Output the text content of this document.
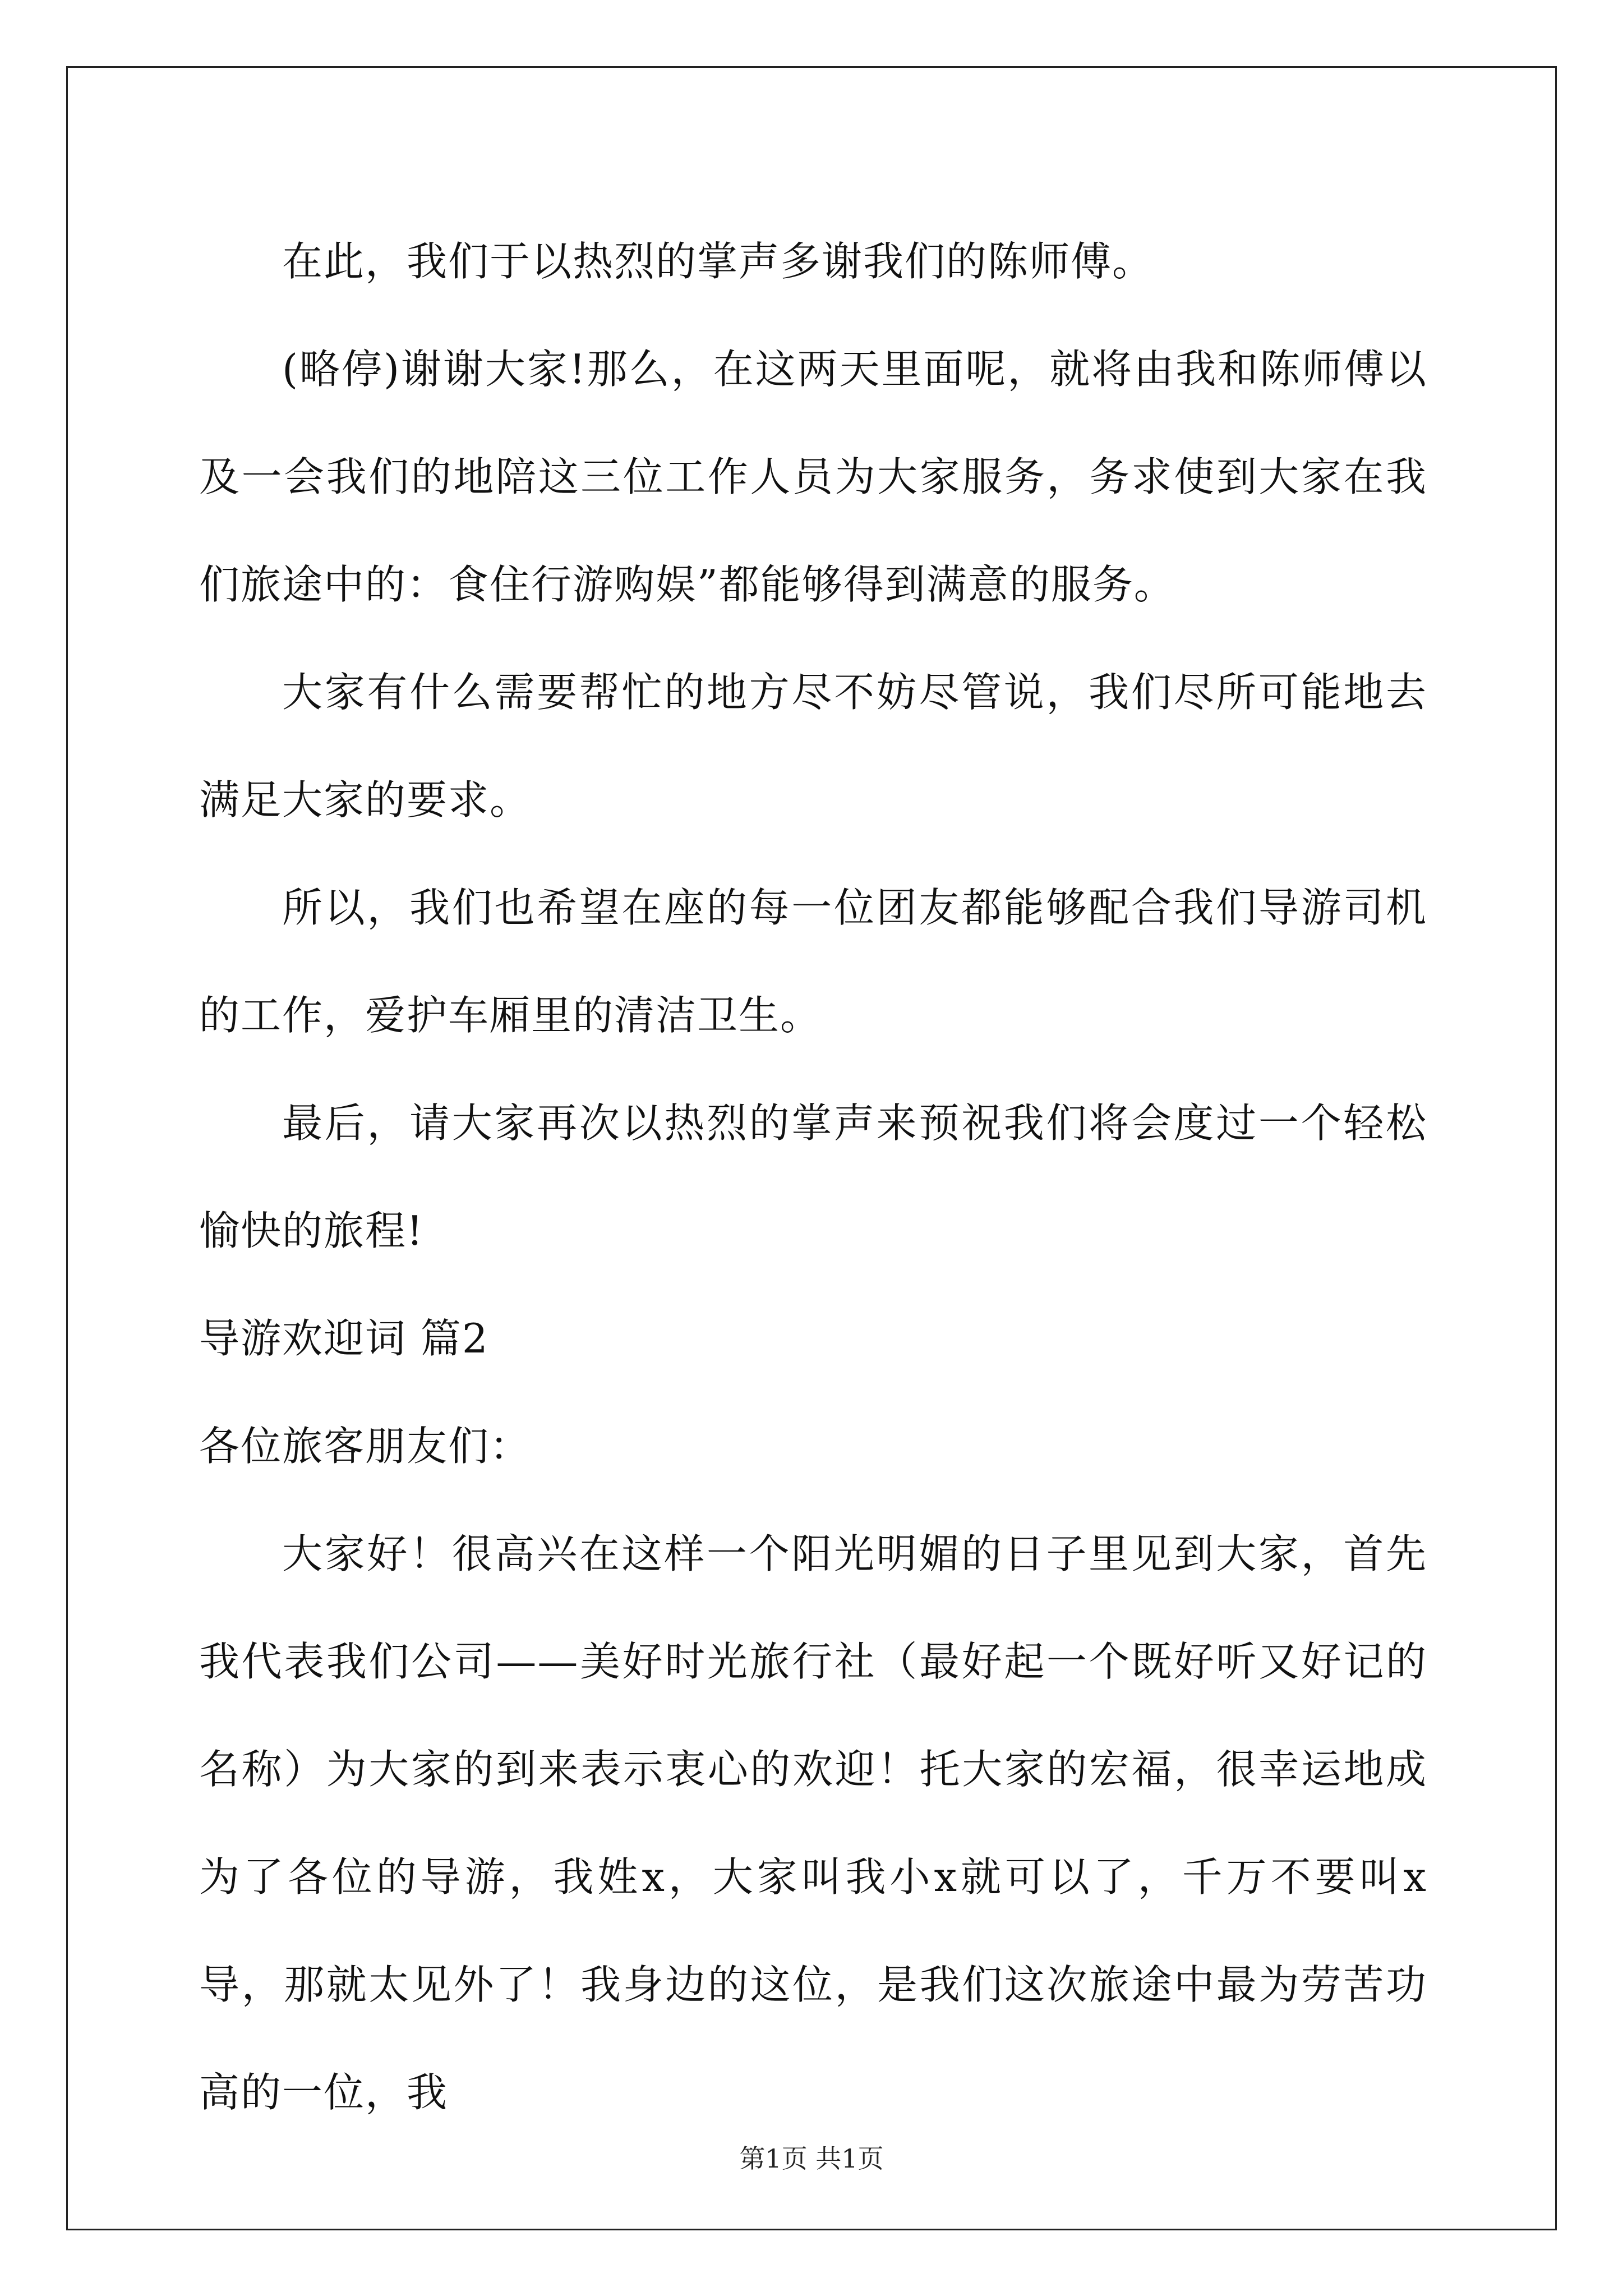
在此，我们于以热烈的掌声多谢我们的陈师傅。

(略停)谢谢大家!那么，在这两天里面呢，就将由我和陈师傅以及一会我们的地陪这三位工作人员为大家服务，务求使到大家在我们旅途中的：食住行游购娱”都能够得到满意的服务。

大家有什么需要帮忙的地方尽不妨尽管说，我们尽所可能地去满足大家的要求。

所以，我们也希望在座的每一位团友都能够配合我们导游司机的工作，爱护车厢里的清洁卫生。

最后，请大家再次以热烈的掌声来预祝我们将会度过一个轻松愉快的旅程!

导游欢迎词 篇2

各位旅客朋友们：

大家好！很高兴在这样一个阳光明媚的日子里见到大家，首先我代表我们公司——美好时光旅行社（最好起一个既好听又好记的名称）为大家的到来表示衷心的欢迎！托大家的宏福，很幸运地成为了各位的导游，我姓x，大家叫我小x就可以了，千万不要叫x导，那就太见外了！我身边的这位，是我们这次旅途中最为劳苦功高的一位，我

第1页 共1页
